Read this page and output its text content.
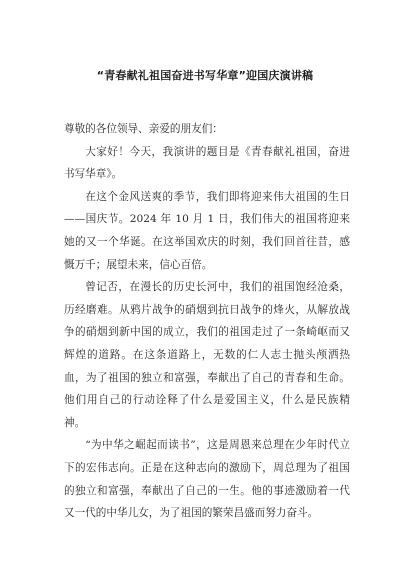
“青春献礼祖国奋进书写华章”迎国庆演讲稿

尊敬的各位领导、亲爱的朋友们：

大家好！今天，我演讲的题目是《青春献礼祖国，奋进书写华章》。

在这个金风送爽的季节，我们即将迎来伟大祖国的生日——国庆节。2024 年 10 月 1 日，我们伟大的祖国将迎来她的又一个华诞。在这举国欢庆的时刻，我们回首往昔，感慨万千；展望未来，信心百倍。

曾记否，在漫长的历史长河中，我们的祖国饱经沧桑，历经磨难。从鸦片战争的硝烟到抗日战争的烽火，从解放战争的硝烟到新中国的成立，我们的祖国走过了一条崎岖而又辉煌的道路。在这条道路上，无数的仁人志士抛头颅洒热血，为了祖国的独立和富强，奉献出了自己的青春和生命。他们用自己的行动诠释了什么是爱国主义，什么是民族精神。

“为中华之崛起而读书”，这是周恩来总理在少年时代立下的宏伟志向。正是在这种志向的激励下，周总理为了祖国的独立和富强，奉献出了自己的一生。他的事迹激励着一代又一代的中华儿女，为了祖国的繁荣昌盛而努力奋斗。
